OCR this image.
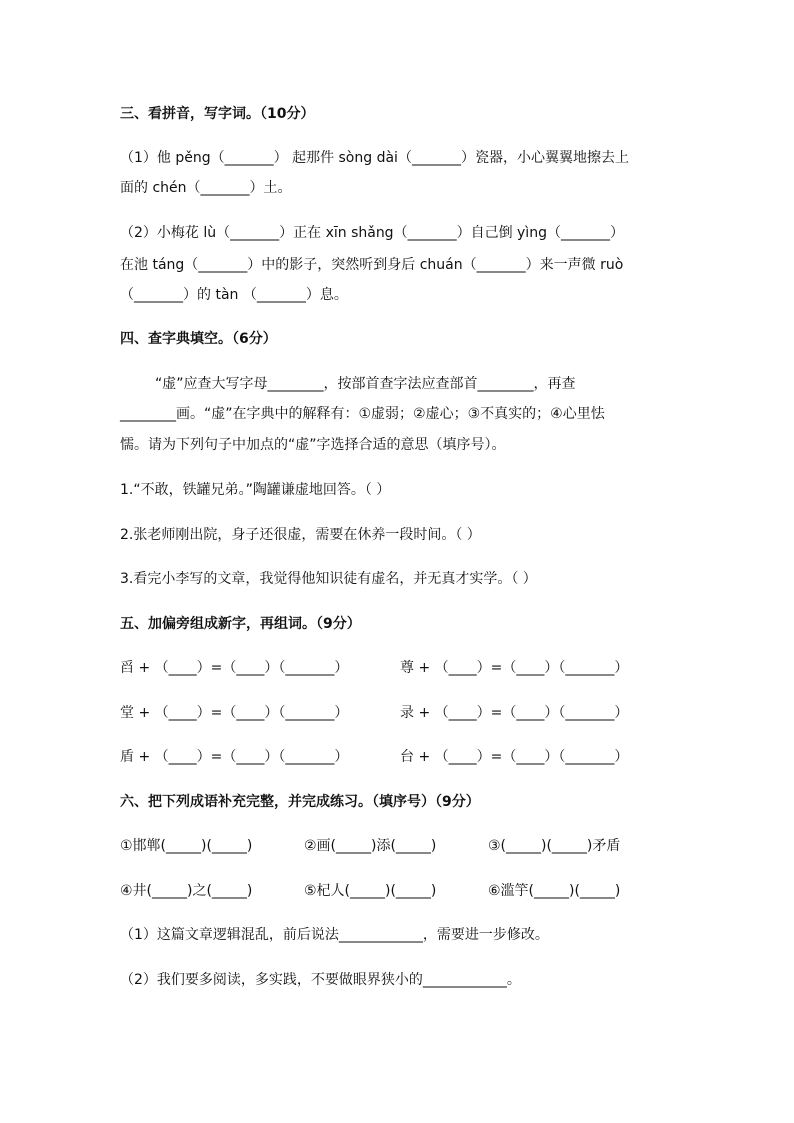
三、看拼音，写字词。（10分）
（1）他 pěng（_______） 起那件 sòng dài（_______）瓷器，小心翼翼地擦去上
面的 chén（_______）土。
（2）小梅花 lù（_______）正在 xīn shǎng（_______）自己倒 yìng（_______）
在池 táng（_______）中的影子，突然听到身后 chuán（_______）来一声微 ruò
（_______）的 tàn （_______）息。
四、查字典填空。（6分）
“虚”应查大写字母________，按部首查字法应查部首________，再查
________画。“虚”在字典中的解释有：①虚弱；②虚心；③不真实的；④心里怯
懦。请为下列句子中加点的“虚”字选择合适的意思（填序号）。
1.“不敢，铁罐兄弟。”陶罐谦虚地回答。（ ）
2.张老师刚出院，身子还很虚，需要在休养一段时间。（ ）
3.看完小李写的文章，我觉得他知识徒有虚名，并无真才实学。（ ）
五、加偏旁组成新字，再组词。（9分）
舀 + （____）=（____）（_______）	尊 + （____）=（____）（_______）
堂 + （____）=（____）（_______）	录 + （____）=（____）（_______）
盾 + （____）=（____）（_______）	台 + （____）=（____）（_______）
六、把下列成语补充完整，并完成练习。（填序号）（9分）
①邯郸(_____)(_____)	②画(_____)添(_____)	③(_____)(_____)矛盾
④井(_____)之(_____)	⑤杞人(_____)(_____)	⑥滥竽(_____)(_____)
（1）这篇文章逻辑混乱，前后说法____________，需要进一步修改。
（2）我们要多阅读，多实践，不要做眼界狭小的____________。
